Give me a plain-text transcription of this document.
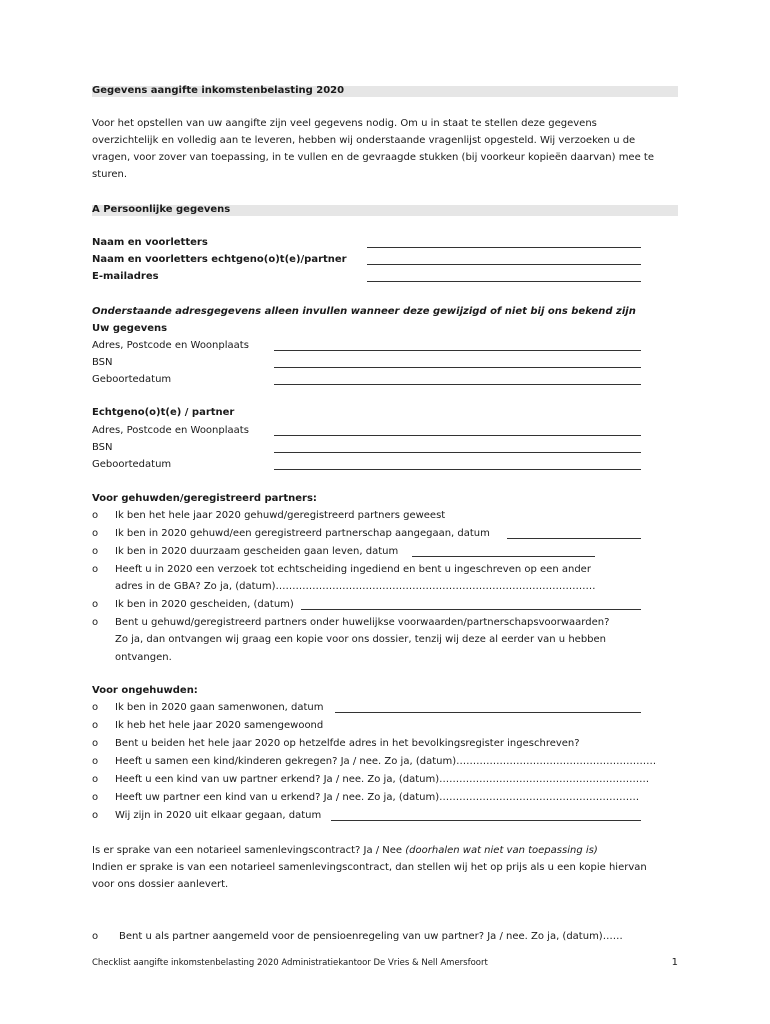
Gegevens aangifte inkomstenbelasting 2020
Voor het opstellen van uw aangifte zijn veel gegevens nodig. Om u in staat te stellen deze gegevens
overzichtelijk en volledig aan te leveren, hebben wij onderstaande vragenlijst opgesteld. Wij verzoeken u de
vragen, voor zover van toepassing, in te vullen en de gevraagde stukken (bij voorkeur kopieën daarvan) mee te
sturen.
A Persoonlijke gegevens
Naam en voorletters
Naam en voorletters echtgeno(o)t(e)/partner
E-mailadres
Onderstaande adresgegevens alleen invullen wanneer deze gewijzigd of niet bij ons bekend zijn
Uw gegevens
Adres, Postcode en Woonplaats
BSN
Geboortedatum
Echtgeno(o)t(e) / partner
Adres, Postcode en Woonplaats
BSN
Geboortedatum
Voor gehuwden/geregistreerd partners:
o Ik ben het hele jaar 2020 gehuwd/geregistreerd partners geweest
o Ik ben in 2020 gehuwd/een geregistreerd partnerschap aangegaan, datum
o Ik ben in 2020 duurzaam gescheiden gaan leven, datum
o Heeft u in 2020 een verzoek tot echtscheiding ingediend en bent u ingeschreven op een ander
adres in de GBA? Zo ja, (datum)……………………………………………………………………………………
o Ik ben in 2020 gescheiden, (datum)
o Bent u gehuwd/geregistreerd partners onder huwelijkse voorwaarden/partnerschapsvoorwaarden?
Zo ja, dan ontvangen wij graag een kopie voor ons dossier, tenzij wij deze al eerder van u hebben
ontvangen.
Voor ongehuwden:
o Ik ben in 2020 gaan samenwonen, datum
o Ik heb het hele jaar 2020 samengewoond
o Bent u beiden het hele jaar 2020 op hetzelfde adres in het bevolkingsregister ingeschreven?
o Heeft u samen een kind/kinderen gekregen? Ja / nee. Zo ja, (datum)……………………………………………………
o Heeft u een kind van uw partner erkend? Ja / nee. Zo ja, (datum)………………………………………………………
o Heeft uw partner een kind van u erkend? Ja / nee. Zo ja, (datum)……………………………………………………
o Wij zijn in 2020 uit elkaar gegaan, datum
Is er sprake van een notarieel samenlevingscontract? Ja / Nee (doorhalen wat niet van toepassing is)
Indien er sprake is van een notarieel samenlevingscontract, dan stellen wij het op prijs als u een kopie hiervan
voor ons dossier aanlevert.
o Bent u als partner aangemeld voor de pensioenregeling van uw partner? Ja / nee. Zo ja, (datum)……
Checklist aangifte inkomstenbelasting 2020 Administratiekantoor De Vries & Nell Amersfoort	1
